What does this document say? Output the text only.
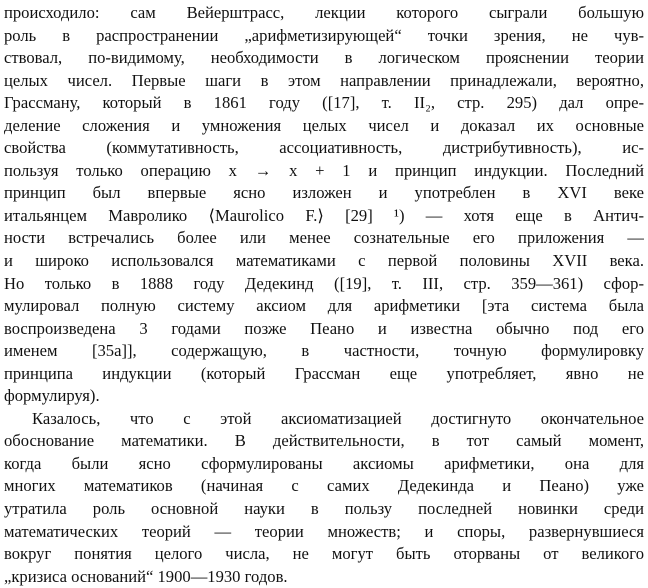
происходило: сам Вейерштрасс, лекции которого сыграли большую
роль в распространении „арифметизирующей“ точки зрения, не чув-
ствовал, по-видимому, необходимости в логическом прояснении теории
целых чисел. Первые шаги в этом направлении принадлежали, вероятно,
Грассману, который в 1861 году ([17], т. II₂, стр. 295) дал опре-
деление сложения и умножения целых чисел и доказал их основные
свойства (коммутативность, ассоциативность, дистрибутивность), ис-
пользуя только операцию x → x + 1 и принцип индукции. Последний
принцип был впервые ясно изложен и употреблен в XVI веке
итальянцем Мавролико ⟨Maurolico F.⟩ [29] ¹) — хотя еще в Антич-
ности встречались более или менее сознательные его приложения —
и широко использовался математиками с первой половины XVII века.
Но только в 1888 году Дедекинд ([19], т. III, стр. 359—361) сфор-
мулировал полную систему аксиом для арифметики [эта система была
воспроизведена 3 годами позже Пеано и известна обычно под его
именем [35a]], содержащую, в частности, точную формулировку
принципа индукции (который Грассман еще употребляет, явно не
формулируя).
Казалось, что с этой аксиоматизацией достигнуто окончательное
обоснование математики. В действительности, в тот самый момент,
когда были ясно сформулированы аксиомы арифметики, она для
многих математиков (начиная с самих Дедекинда и Пеано) уже
утратила роль основной науки в пользу последней новинки среди
математических теорий — теории множеств; и споры, развернувшиеся
вокруг понятия целого числа, не могут быть оторваны от великого
„кризиса оснований“ 1900—1930 годов.
